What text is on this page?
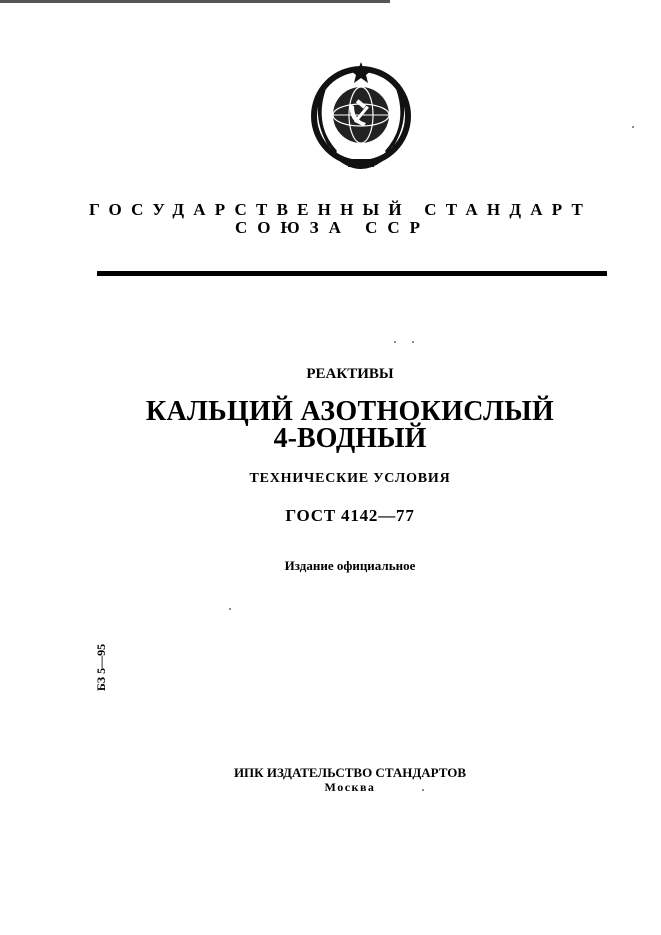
ГОСУДАРСТВЕННЫЙ СТАНДАРТ
СОЮЗА ССР
РЕАКТИВЫ
КАЛЬЦИЙ АЗОТНОКИСЛЫЙ
4-ВОДНЫЙ
ТЕХНИЧЕСКИЕ УСЛОВИЯ
ГОСТ 4142—77
Издание официальное
БЗ 5—95
ИПК ИЗДАТЕЛЬСТВО СТАНДАРТОВ
Москва
